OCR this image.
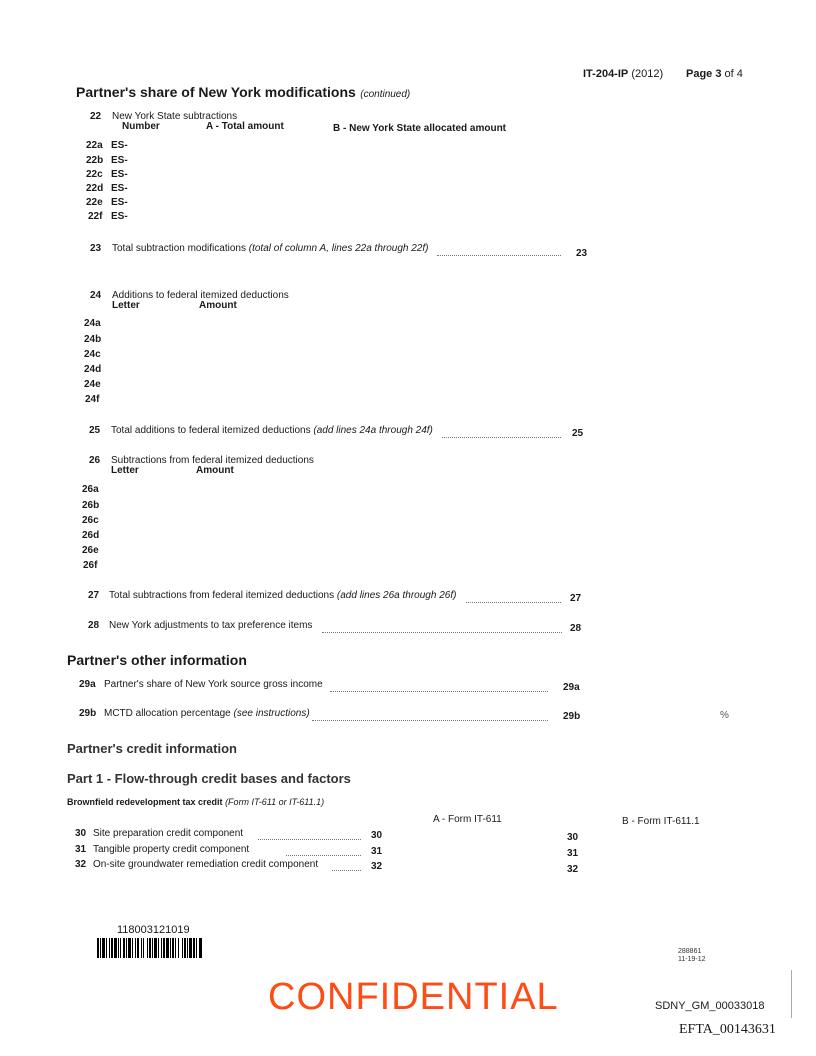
IT-204-IP (2012) Page 3 of 4
Partner's share of New York modifications (continued)
22 New York State subtractions
Number	A - Total amount	B - New York State allocated amount
22a ES-
22b ES-
22c ES-
22d ES-
22e ES-
22f ES-
23 Total subtraction modifications (total of column A, lines 22a through 22f)	23
24 Additions to federal itemized deductions
Letter	Amount
24a
24b
24c
24d
24e
24f
25 Total additions to federal itemized deductions (add lines 24a through 24f)	25
26 Subtractions from federal itemized deductions
Letter	Amount
26a
26b
26c
26d
26e
26f
27 Total subtractions from federal itemized deductions (add lines 26a through 26f)	27
28 New York adjustments to tax preference items	28
Partner's other information
29a Partner's share of New York source gross income	29a
29b MCTD allocation percentage (see instructions)	29b	%
Partner's credit information
Part 1 - Flow-through credit bases and factors
Brownfield redevelopment tax credit (Form IT-611 or IT-611.1)
A - Form IT-611	B - Form IT-611.1
30 Site preparation credit component	30	30
31 Tangible property credit component	31	31
32 On-site groundwater remediation credit component	32	32
118003121019
288861
11-19-12
CONFIDENTIAL	SDNY_GM_00033018
EFTA_00143631
